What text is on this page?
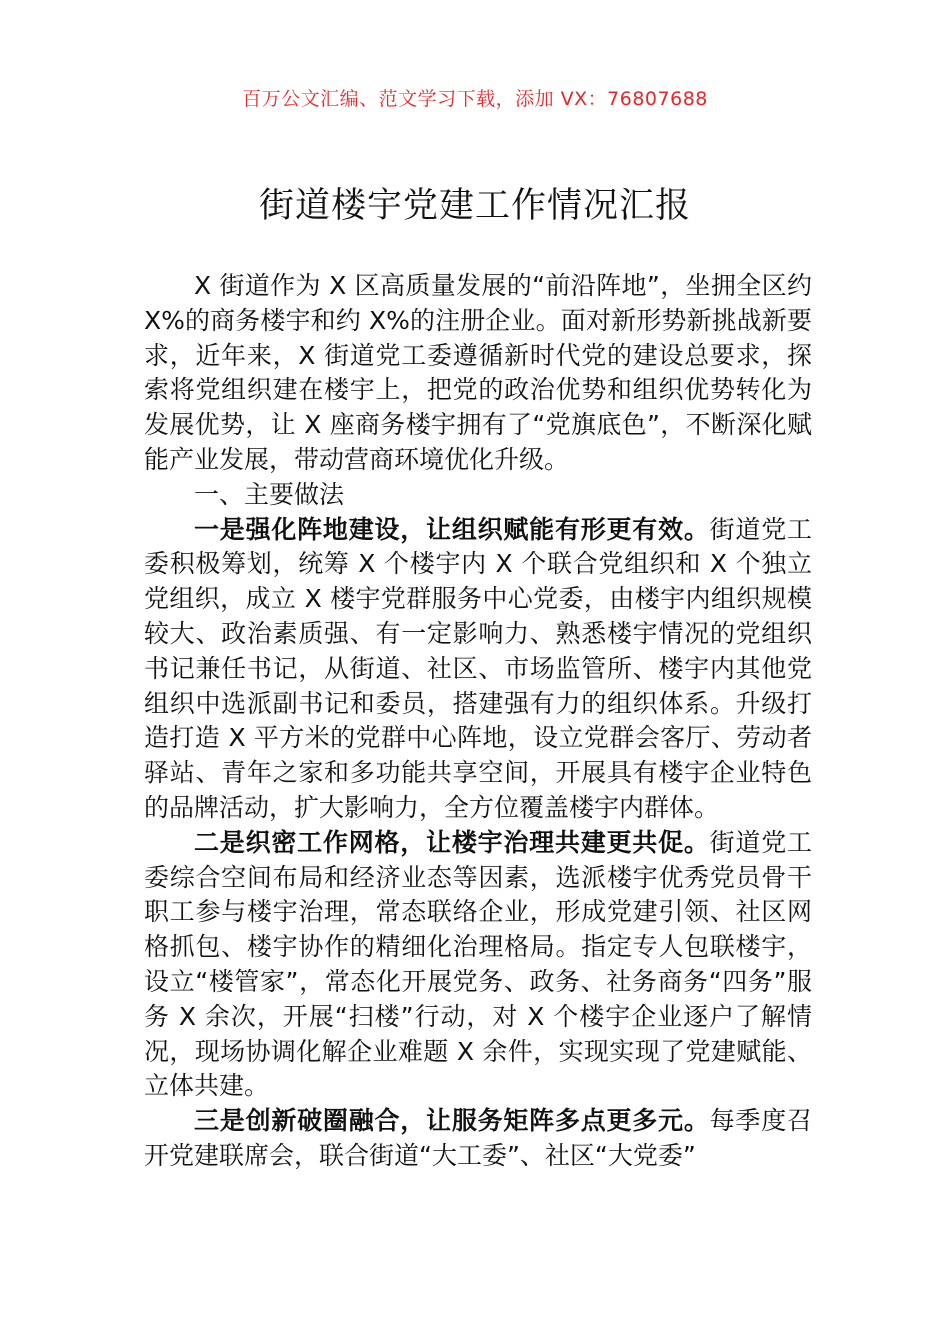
百万公文汇编、范文学习下载，添加 VX：76807688
街道楼宇党建工作情况汇报

X 街道作为 X 区高质量发展的“前沿阵地”，坐拥全区约 X%的商务楼宇和约 X%的注册企业。面对新形势新挑战新要求，近年来，X 街道党工委遵循新时代党的建设总要求，探索将党组织建在楼宇上，把党的政治优势和组织优势转化为发展优势，让 X 座商务楼宇拥有了“党旗底色”，不断深化赋能产业发展，带动营商环境优化升级。

一、主要做法

一是强化阵地建设，让组织赋能有形更有效。街道党工委积极筹划，统筹 X 个楼宇内 X 个联合党组织和 X 个独立党组织，成立 X 楼宇党群服务中心党委，由楼宇内组织规模较大、政治素质强、有一定影响力、熟悉楼宇情况的党组织书记兼任书记，从街道、社区、市场监管所、楼宇内其他党组织中选派副书记和委员，搭建强有力的组织体系。升级打造打造 X 平方米的党群中心阵地，设立党群会客厅、劳动者驿站、青年之家和多功能共享空间，开展具有楼宇企业特色的品牌活动，扩大影响力，全方位覆盖楼宇内群体。

二是织密工作网格，让楼宇治理共建更共促。街道党工委综合空间布局和经济业态等因素，选派楼宇优秀党员骨干职工参与楼宇治理，常态联络企业，形成党建引领、社区网格抓包、楼宇协作的精细化治理格局。指定专人包联楼宇，设立“楼管家”，常态化开展党务、政务、社务商务“四务”服务 X 余次，开展“扫楼”行动，对 X 个楼宇企业逐户了解情况，现场协调化解企业难题 X 余件，实现实现了党建赋能、立体共建。

三是创新破圈融合，让服务矩阵多点更多元。每季度召开党建联席会，联合街道“大工委”、社区“大党委”
